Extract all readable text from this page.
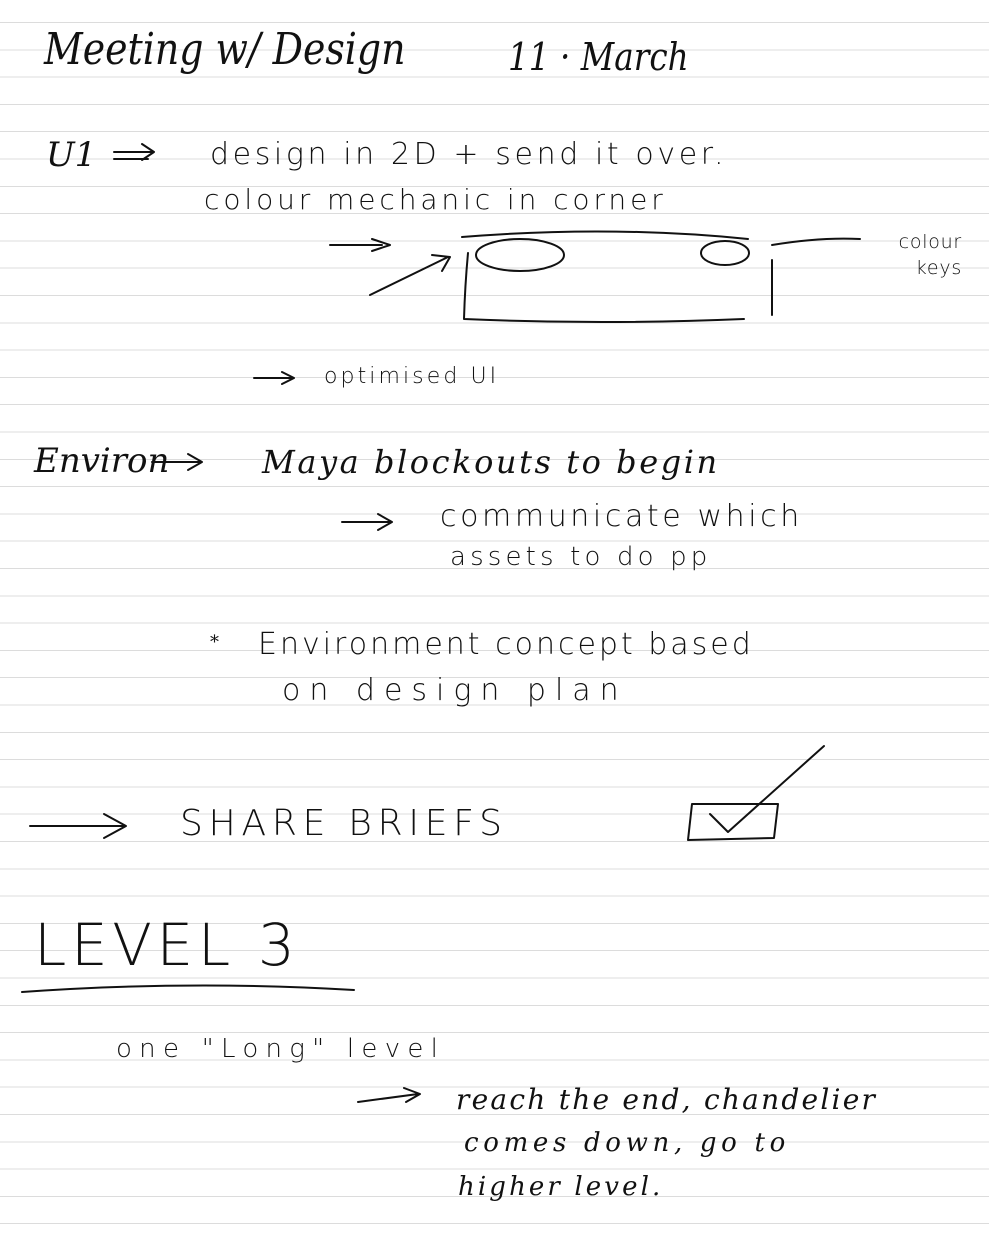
Meeting w/ Design	11 · March
U1	design in 2D + send it over.
colour mechanic in corner
colour keys
optimised UI
Environ	Maya blockouts to begin
communicate which
assets to do pp
⁎ Environment concept based
on design plan
SHARE BRIEFS
LEVEL 3
one "Long" level
reach the end, chandelier
comes down, go to
higher level.
